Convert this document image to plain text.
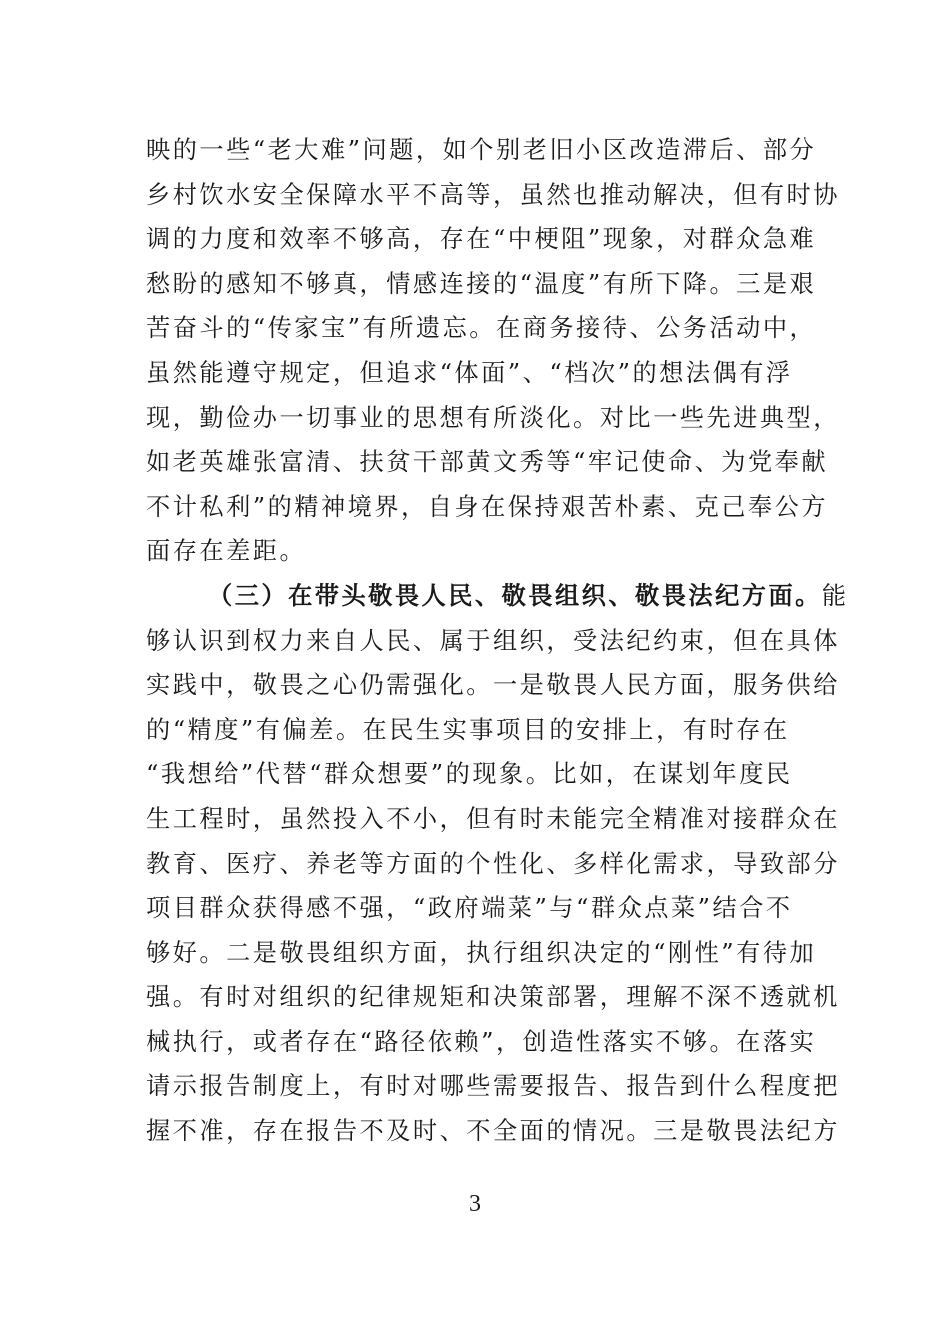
映的一些“老大难”问题，如个别老旧小区改造滞后、部分
乡村饮水安全保障水平不高等，虽然也推动解决，但有时协
调的力度和效率不够高，存在“中梗阻”现象，对群众急难
愁盼的感知不够真，情感连接的“温度”有所下降。三是艰
苦奋斗的“传家宝”有所遗忘。在商务接待、公务活动中，
虽然能遵守规定，但追求“体面”、“档次”的想法偶有浮
现，勤俭办一切事业的思想有所淡化。对比一些先进典型，
如老英雄张富清、扶贫干部黄文秀等“牢记使命、为党奉献
不计私利”的精神境界，自身在保持艰苦朴素、克己奉公方
面存在差距。
（三）在带头敬畏人民、敬畏组织、敬畏法纪方面。能
够认识到权力来自人民、属于组织，受法纪约束，但在具体
实践中，敬畏之心仍需强化。一是敬畏人民方面，服务供给
的“精度”有偏差。在民生实事项目的安排上，有时存在
“我想给”代替“群众想要”的现象。比如，在谋划年度民
生工程时，虽然投入不小，但有时未能完全精准对接群众在
教育、医疗、养老等方面的个性化、多样化需求，导致部分
项目群众获得感不强，“政府端菜”与“群众点菜”结合不
够好。二是敬畏组织方面，执行组织决定的“刚性”有待加
强。有时对组织的纪律规矩和决策部署，理解不深不透就机
械执行，或者存在“路径依赖”，创造性落实不够。在落实
请示报告制度上，有时对哪些需要报告、报告到什么程度把
握不准，存在报告不及时、不全面的情况。三是敬畏法纪方
3
